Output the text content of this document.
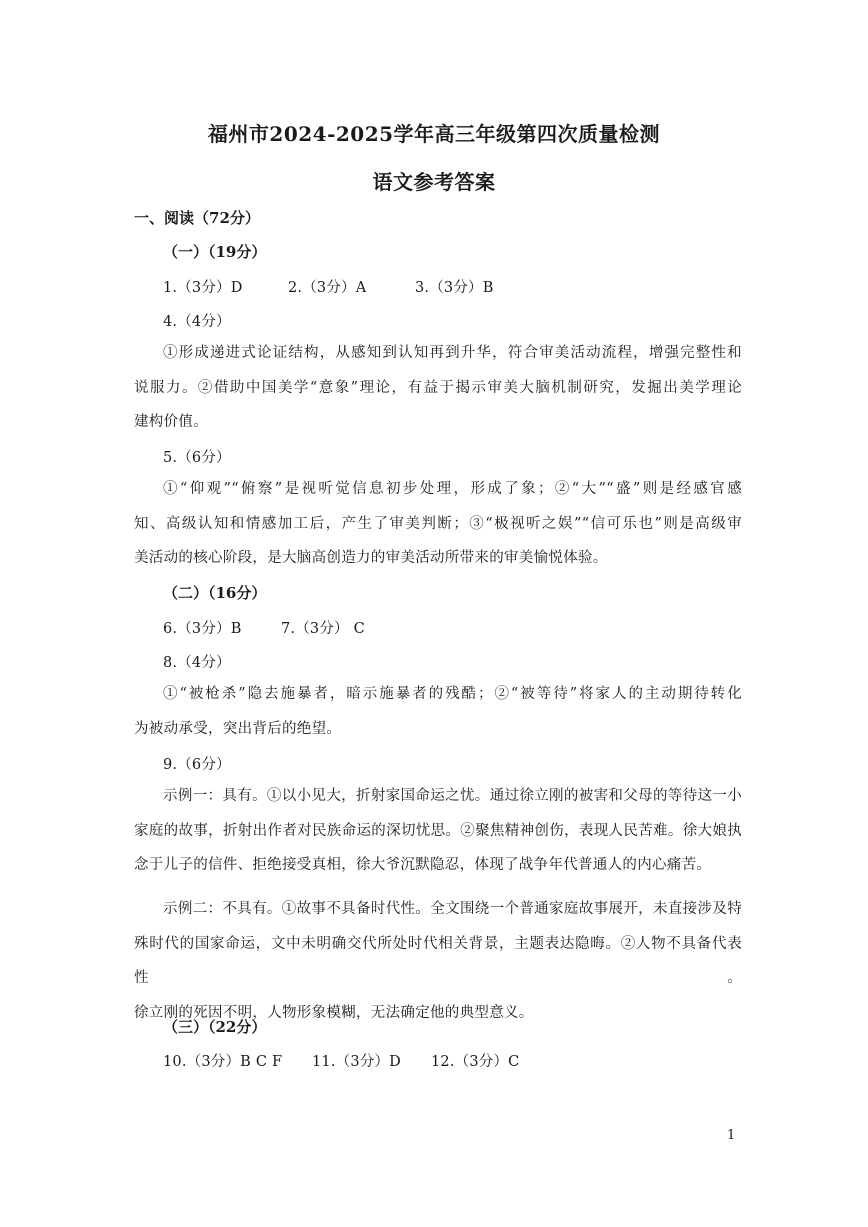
福州市2024-2025学年高三年级第四次质量检测
语文参考答案
一、阅读（72分）
（一）（19分）
1.（3分）D	2.（3分）A	3.（3分）B
4.（4分）
①形成递进式论证结构，从感知到认知再到升华，符合审美活动流程，增强完整性和
说服力。②借助中国美学“意象”理论，有益于揭示审美大脑机制研究，发掘出美学理论
建构价值。
5.（6分）
①“仰观”“俯察”是视听觉信息初步处理，形成了象；②“大”“盛”则是经感官感
知、高级认知和情感加工后，产生了审美判断；③“极视听之娱”“信可乐也”则是高级审
美活动的核心阶段，是大脑高创造力的审美活动所带来的审美愉悦体验。
（二）（16分）
6.（3分）B	7.（3分） C
8.（4分）
①“被枪杀”隐去施暴者，暗示施暴者的残酷；②“被等待”将家人的主动期待转化
为被动承受，突出背后的绝望。
9.（6分）
示例一：具有。①以小见大，折射家国命运之忧。通过徐立刚的被害和父母的等待这一小
家庭的故事，折射出作者对民族命运的深切忧思。②聚焦精神创伤，表现人民苦难。徐大娘执
念于儿子的信件、拒绝接受真相，徐大爷沉默隐忍，体现了战争年代普通人的内心痛苦。
示例二：不具有。①故事不具备时代性。全文围绕一个普通家庭故事展开，未直接涉及特
殊时代的国家命运，文中未明确交代所处时代相关背景，主题表达隐晦。②人物不具备代表性。
徐立刚的死因不明，人物形象模糊，无法确定他的典型意义。
（三）（22分）
10.（3分）B C F 11.（3分）D 12.（3分）C
1
